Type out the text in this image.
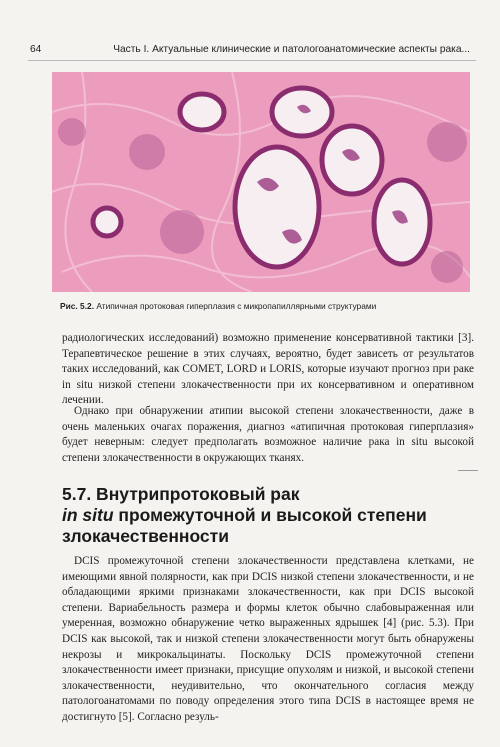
64	Часть I. Актуальные клинические и патологоанатомические аспекты рака...
Рис. 5.2. Атипичная протоковая гиперплазия с микропапиллярными структурами
радиологических исследований) возможно применение консервативной тактики [3]. Терапевтическое решение в этих случаях, вероятно, будет зависеть от результатов таких исследований, как COMET, LORD и LORIS, которые изучают прогноз при раке in situ низкой степени злокачественности при их консервативном и оперативном лечении.
Однако при обнаружении атипии высокой степени злокачественности, даже в очень маленьких очагах поражения, диагноз «атипичная протоковая гиперплазия» будет неверным: следует предполагать возможное наличие рака in situ высокой степени злокачественности в окружающих тканях.
5.7. Внутрипротоковый рак
in situ промежуточной и высокой степени злокачественности
DCIS промежуточной степени злокачественности представлена клетками, не имеющими явной полярности, как при DCIS низкой степени злокачественности, и не обладающими яркими признаками злокачественности, как при DCIS высокой степени. Вариабельность размера и формы клеток обычно слабовыраженная или умеренная, возможно обнаружение четко выраженных ядрышек [4] (рис. 5.3). При DCIS как высокой, так и низкой степени злокачественности могут быть обнаружены некрозы и микрокальцинаты. Поскольку DCIS промежуточной степени злокачественности имеет признаки, присущие опухолям и низкой, и высокой степени злокачественности, неудивительно, что окончательного согласия между патологоанатомами по поводу определения этого типа DCIS в настоящее время не достигнуто [5]. Согласно резуль-
